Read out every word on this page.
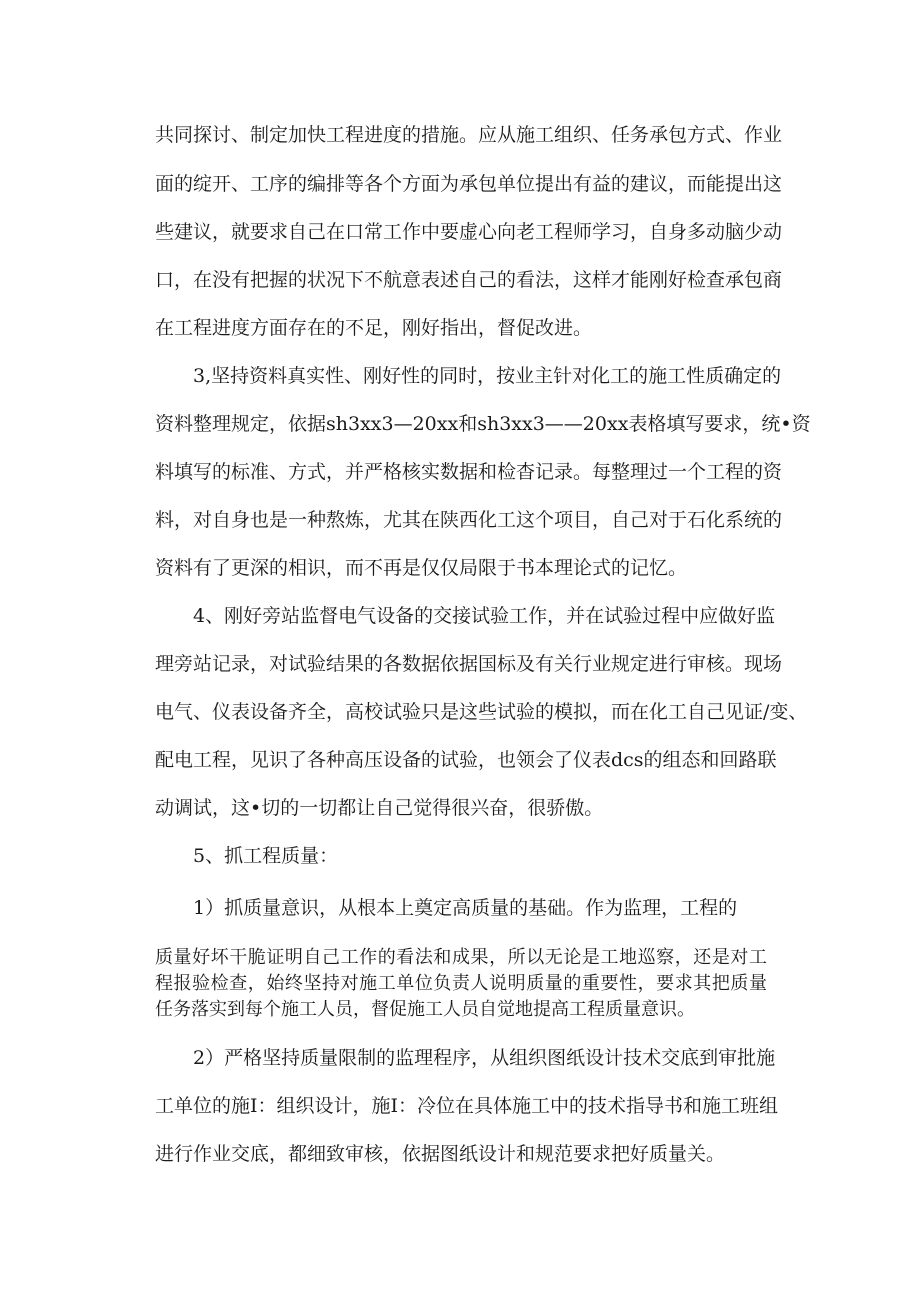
共同探讨、制定加快工程进度的措施。应从施工组织、任务承包方式、作业
面的绽开、工序的编排等各个方面为承包单位提出有益的建议，而能提出这
些建议，就要求自己在口常工作中要虚心向老工程师学习，自身多动脑少动
口，在没有把握的状况下不航意表述自己的看法，这样才能刚好检查承包商
在工程进度方面存在的不足，刚好指出，督促改进。
3,坚持资料真实性、刚好性的同时，按业主针对化工的施工性质确定的
资料整理规定，依据sh3xx3—20xx和sh3xx3——20xx表格填写要求，统•资
料填写的标准、方式，并严格核实数据和检杳记录。每整理过一个工程的资
料，对自身也是一种熬炼，尤其在陕西化工这个项目，自己对于石化系统的
资料有了更深的相识，而不再是仅仅局限于书本理论式的记忆。
4、刚好旁站监督电气设备的交接试验工作，并在试验过程中应做好监
理旁站记录，对试验结果的各数据依据国标及有关行业规定进行审核。现场
电气、仪表设备齐全，高校试验只是这些试验的模拟，而在化工自己见证/变、
配电工程，见识了各种高压设备的试验，也领会了仪表dcs的组态和回路联
动调试，这•切的一切都让自己觉得很兴奋，很骄傲。
5、抓工程质量：
1）抓质量意识，从根本上奠定高质量的基础。作为监理，工程的
质量好坏干脆证明自己工作的看法和成果，所以无论是工地巡察，还是对工
程报验检查，始终坚持对施工单位负责人说明质量的重要性，要求其把质量
任务落实到每个施工人员，督促施工人员自觉地提高工程质量意识。
2）严格坚持质量限制的监理程序，从组织图纸设计技术交底到审批施
工单位的施I：组织设计，施I：冷位在具体施工中的技术指导书和施工班组
进行作业交底，都细致审核，依据图纸设计和规范要求把好质量关。
